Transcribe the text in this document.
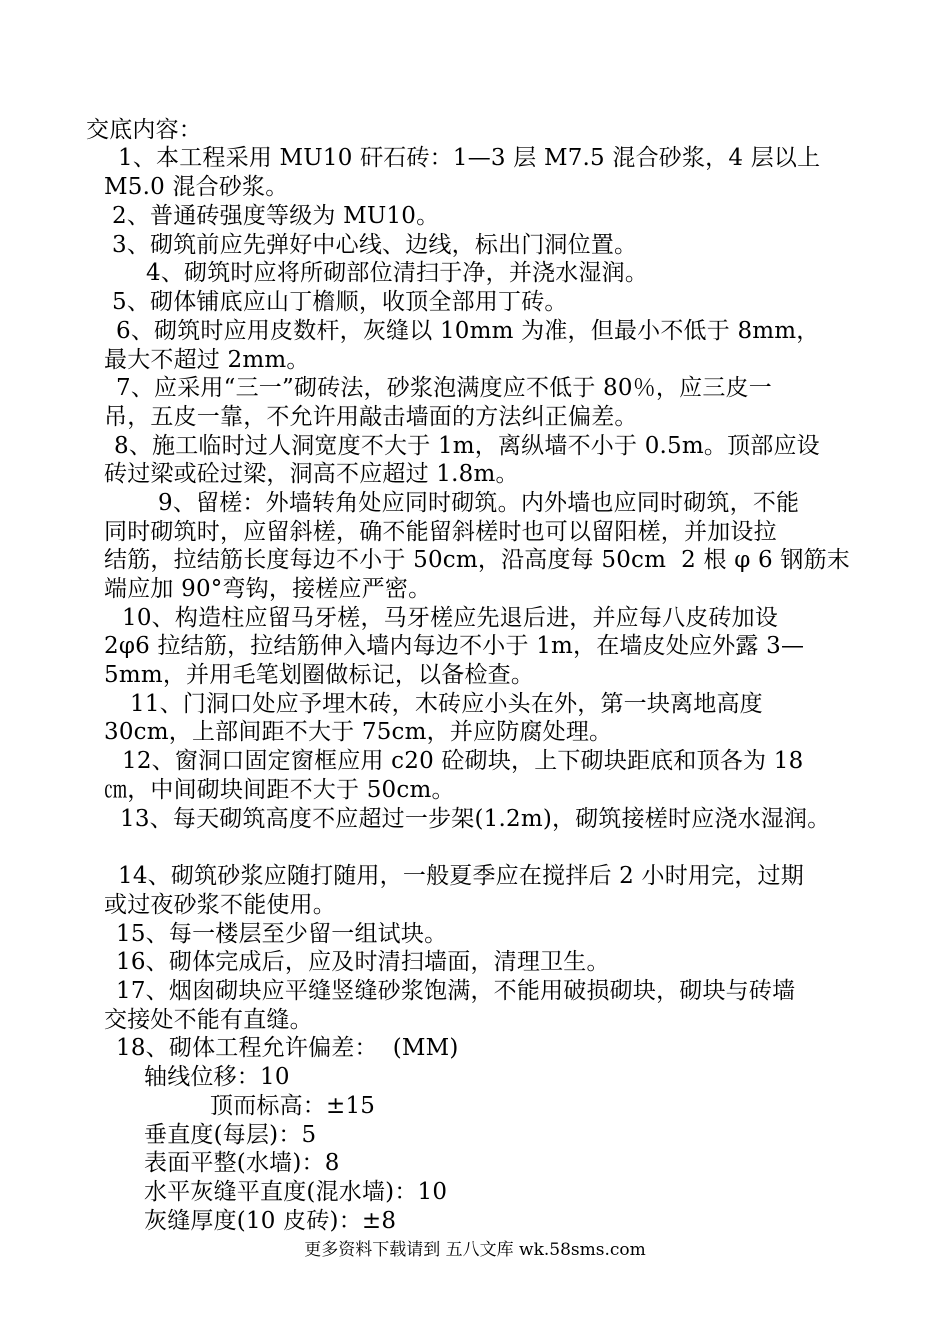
交底内容：
1、本工程采用 MU10 矸石砖：1—3 层 M7.5 混合砂浆，4 层以上
M5.0 混合砂浆。
2、普通砖强度等级为 MU10。
3、砌筑前应先弹好中心线、边线，标出门洞位置。
4、砌筑时应将所砌部位清扫于净，并浇水湿润。
5、砌体铺底应山丁檐顺，收顶全部用丁砖。
6、砌筑时应用皮数杆，灰缝以 10mm 为准，但最小不低于 8mm，
最大不超过 2mm。
7、应采用“三一”砌砖法，砂浆泡满度应不低于 80％，应三皮一
吊，五皮一靠，不允许用敲击墙面的方法纠正偏差。
8、施工临时过人洞宽度不大于 1m，离纵墙不小于 0.5m。顶部应设
砖过梁或砼过梁，洞高不应超过 1.8m。
9、留槎：外墙转角处应同时砌筑。内外墙也应同时砌筑，不能
同时砌筑时，应留斜槎，确不能留斜槎时也可以留阳槎，并加设拉
结筋，拉结筋长度每边不小于 50cm，沿高度每 50cm  2 根 φ 6 钢筋末
端应加 90°弯钩，接槎应严密。
10、构造柱应留马牙槎，马牙槎应先退后进，并应每八皮砖加设
2φ6 拉结筋，拉结筋伸入墙内每边不小于 1m，在墙皮处应外露 3—
5mm，并用毛笔划圈做标记，以备检查。
11、门洞口处应予埋木砖，木砖应小头在外，第一块离地高度
30cm，上部间距不大于 75cm，并应防腐处理。
12、窗洞口固定窗框应用 c20 砼砌块，上下砌块距底和顶各为 18
㎝，中间砌块间距不大于 50cm。
13、每天砌筑高度不应超过一步架(1.2m)，砌筑接槎时应浇水湿润。
14、砌筑砂浆应随打随用，一般夏季应在搅拌后 2 小时用完，过期
或过夜砂浆不能使用。
15、每一楼层至少留一组试块。
16、砌体完成后，应及时清扫墙面，清理卫生。
17、烟囱砌块应平缝竖缝砂浆饱满，不能用破损砌块，砌块与砖墙
交接处不能有直缝。
18、砌体工程允许偏差：  (MM)
轴线位移：10
顶而标高：±15
垂直度(每层)：5
表面平整(水墙)：8
水平灰缝平直度(混水墙)：10
灰缝厚度(10 皮砖)：±8
更多资料下载请到 五八文库 wk.58sms.com
